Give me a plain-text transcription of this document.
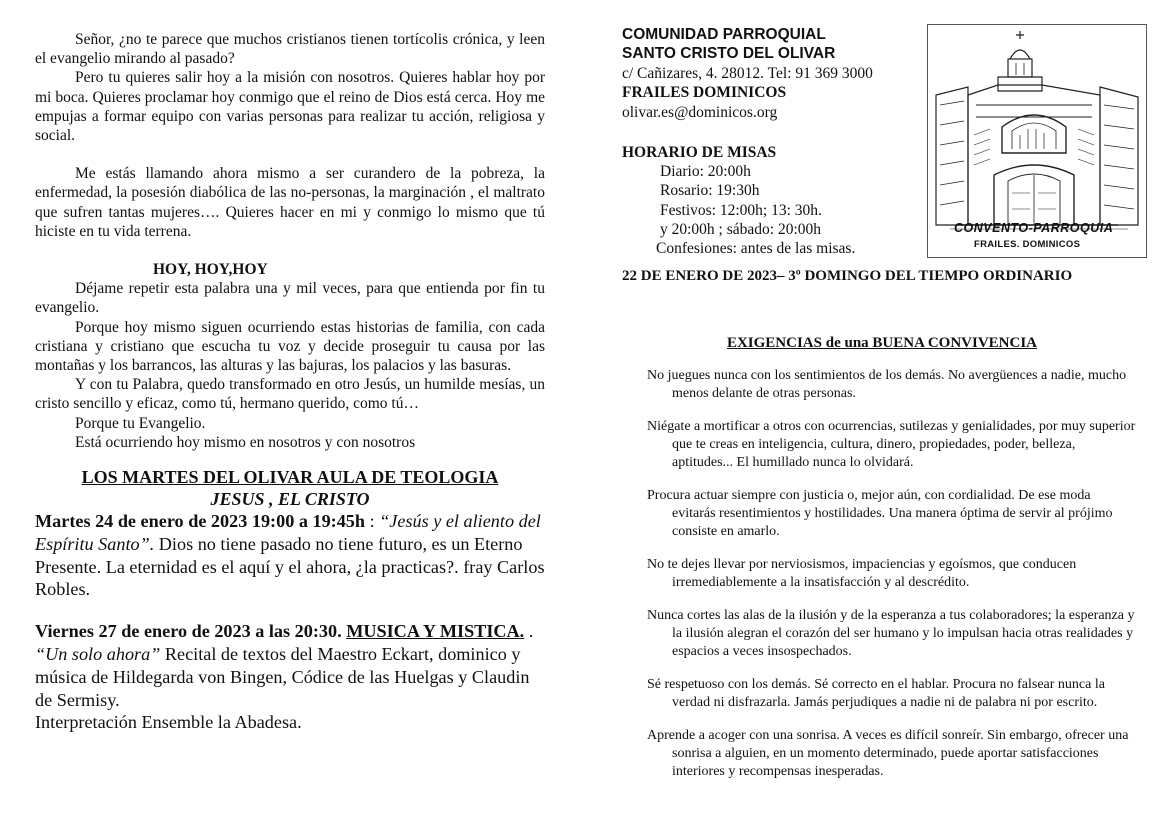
Señor, ¿no te parece que muchos cristianos tienen tortícolis crónica, y leen el evangelio mirando al pasado?

Pero tu quieres salir hoy a la misión con nosotros. Quieres hablar hoy por mi boca. Quieres proclamar hoy conmigo que el reino de Dios está cerca. Hoy me empujas a formar equipo con varias personas para realizar tu acción, religiosa y social.

Me estás llamando ahora mismo a ser curandero de la pobreza, la enfermedad, la posesión diabólica de las no-personas, la marginación , el maltrato que sufren tantas mujeres…. Quieres hacer en mi y conmigo lo mismo que tú hiciste en tu vida terrena.

HOY, HOY,HOY

Déjame repetir esta palabra una y mil veces, para que entienda por fin tu evangelio.

Porque hoy mismo siguen ocurriendo estas historias de familia, con cada cristiana y cristiano que escucha tu voz y decide proseguir tu causa por las montañas y los barrancos, las alturas y las bajuras, los palacios y las basuras.

Y con tu Palabra, quedo transformado en otro Jesús, un humilde mesías, un cristo sencillo y eficaz, como tú, hermano querido, como tú…

Porque tu Evangelio.

Está ocurriendo hoy mismo en nosotros y con nosotros

LOS MARTES DEL OLIVAR AULA DE TEOLOGIA
JESUS , EL CRISTO
Martes 24 de enero de 2023 19:00 a 19:45h : “Jesús y el aliento del Espíritu Santo”. Dios no tiene pasado no tiene futuro, es un Eterno Presente. La eternidad es el aquí y el ahora, ¿la practicas?. fray Carlos Robles.
Viernes 27 de enero de 2023 a las 20:30. MUSICA Y MISTICA. . “Un solo ahora” Recital de textos del Maestro Eckart, dominico y música de Hildegarda von Bingen, Códice de las Huelgas y Claudin de Sermisy.
Interpretación Ensemble la Abadesa.
COMUNIDAD PARROQUIAL
SANTO CRISTO DEL OLIVAR
c/ Cañizares, 4. 28012. Tel: 91 369 3000
FRAILES DOMINICOS
olivar.es@dominicos.org
HORARIO DE MISAS
Diario: 20:00h
Rosario: 19:30h
Festivos: 12:00h; 13: 30h.
y 20:00h ; sábado: 20:00h
Confesiones: antes de las misas.
CONVENTO-PARROQUIA
FRAILES. DOMINICOS
22 DE ENERO DE 2023– 3º DOMINGO DEL TIEMPO ORDINARIO
EXIGENCIAS de una BUENA CONVIVENCIA

No juegues nunca con los sentimientos de los demás. No avergüences a nadie, mucho menos delante de otras personas.

Niégate a mortificar a otros con ocurrencias, sutilezas y genialidades, por muy superior que te creas en inteligencia, cultura, dinero, propiedades, poder, belleza, aptitudes... El humillado nunca lo olvidará.

Procura actuar siempre con justicia o, mejor aún, con cordialidad. De ese moda evitarás resentimientos y hostilidades. Una manera óptima de servir al prójimo consiste en amarlo.

No te dejes llevar por nerviosismos, impaciencias y egoísmos, que conducen irremediablemente a la insatisfacción y al descrédito.

Nunca cortes las alas de la ilusión y de la esperanza a tus colaboradores; la esperanza y la ilusión alegran el corazón del ser humano y lo impulsan hacia otras realidades y espacios a veces insospechados.

Sé respetuoso con los demás. Sé correcto en el hablar. Procura no falsear nunca la verdad ni disfrazarla. Jamás perjudiques a nadie ni de palabra ni por escrito.

Aprende a acoger con una sonrisa. A veces es difícil sonreír. Sin embargo, ofrecer una sonrisa a alguien, en un momento determinado, puede aportar satisfacciones interiores y recompensas inesperadas.
